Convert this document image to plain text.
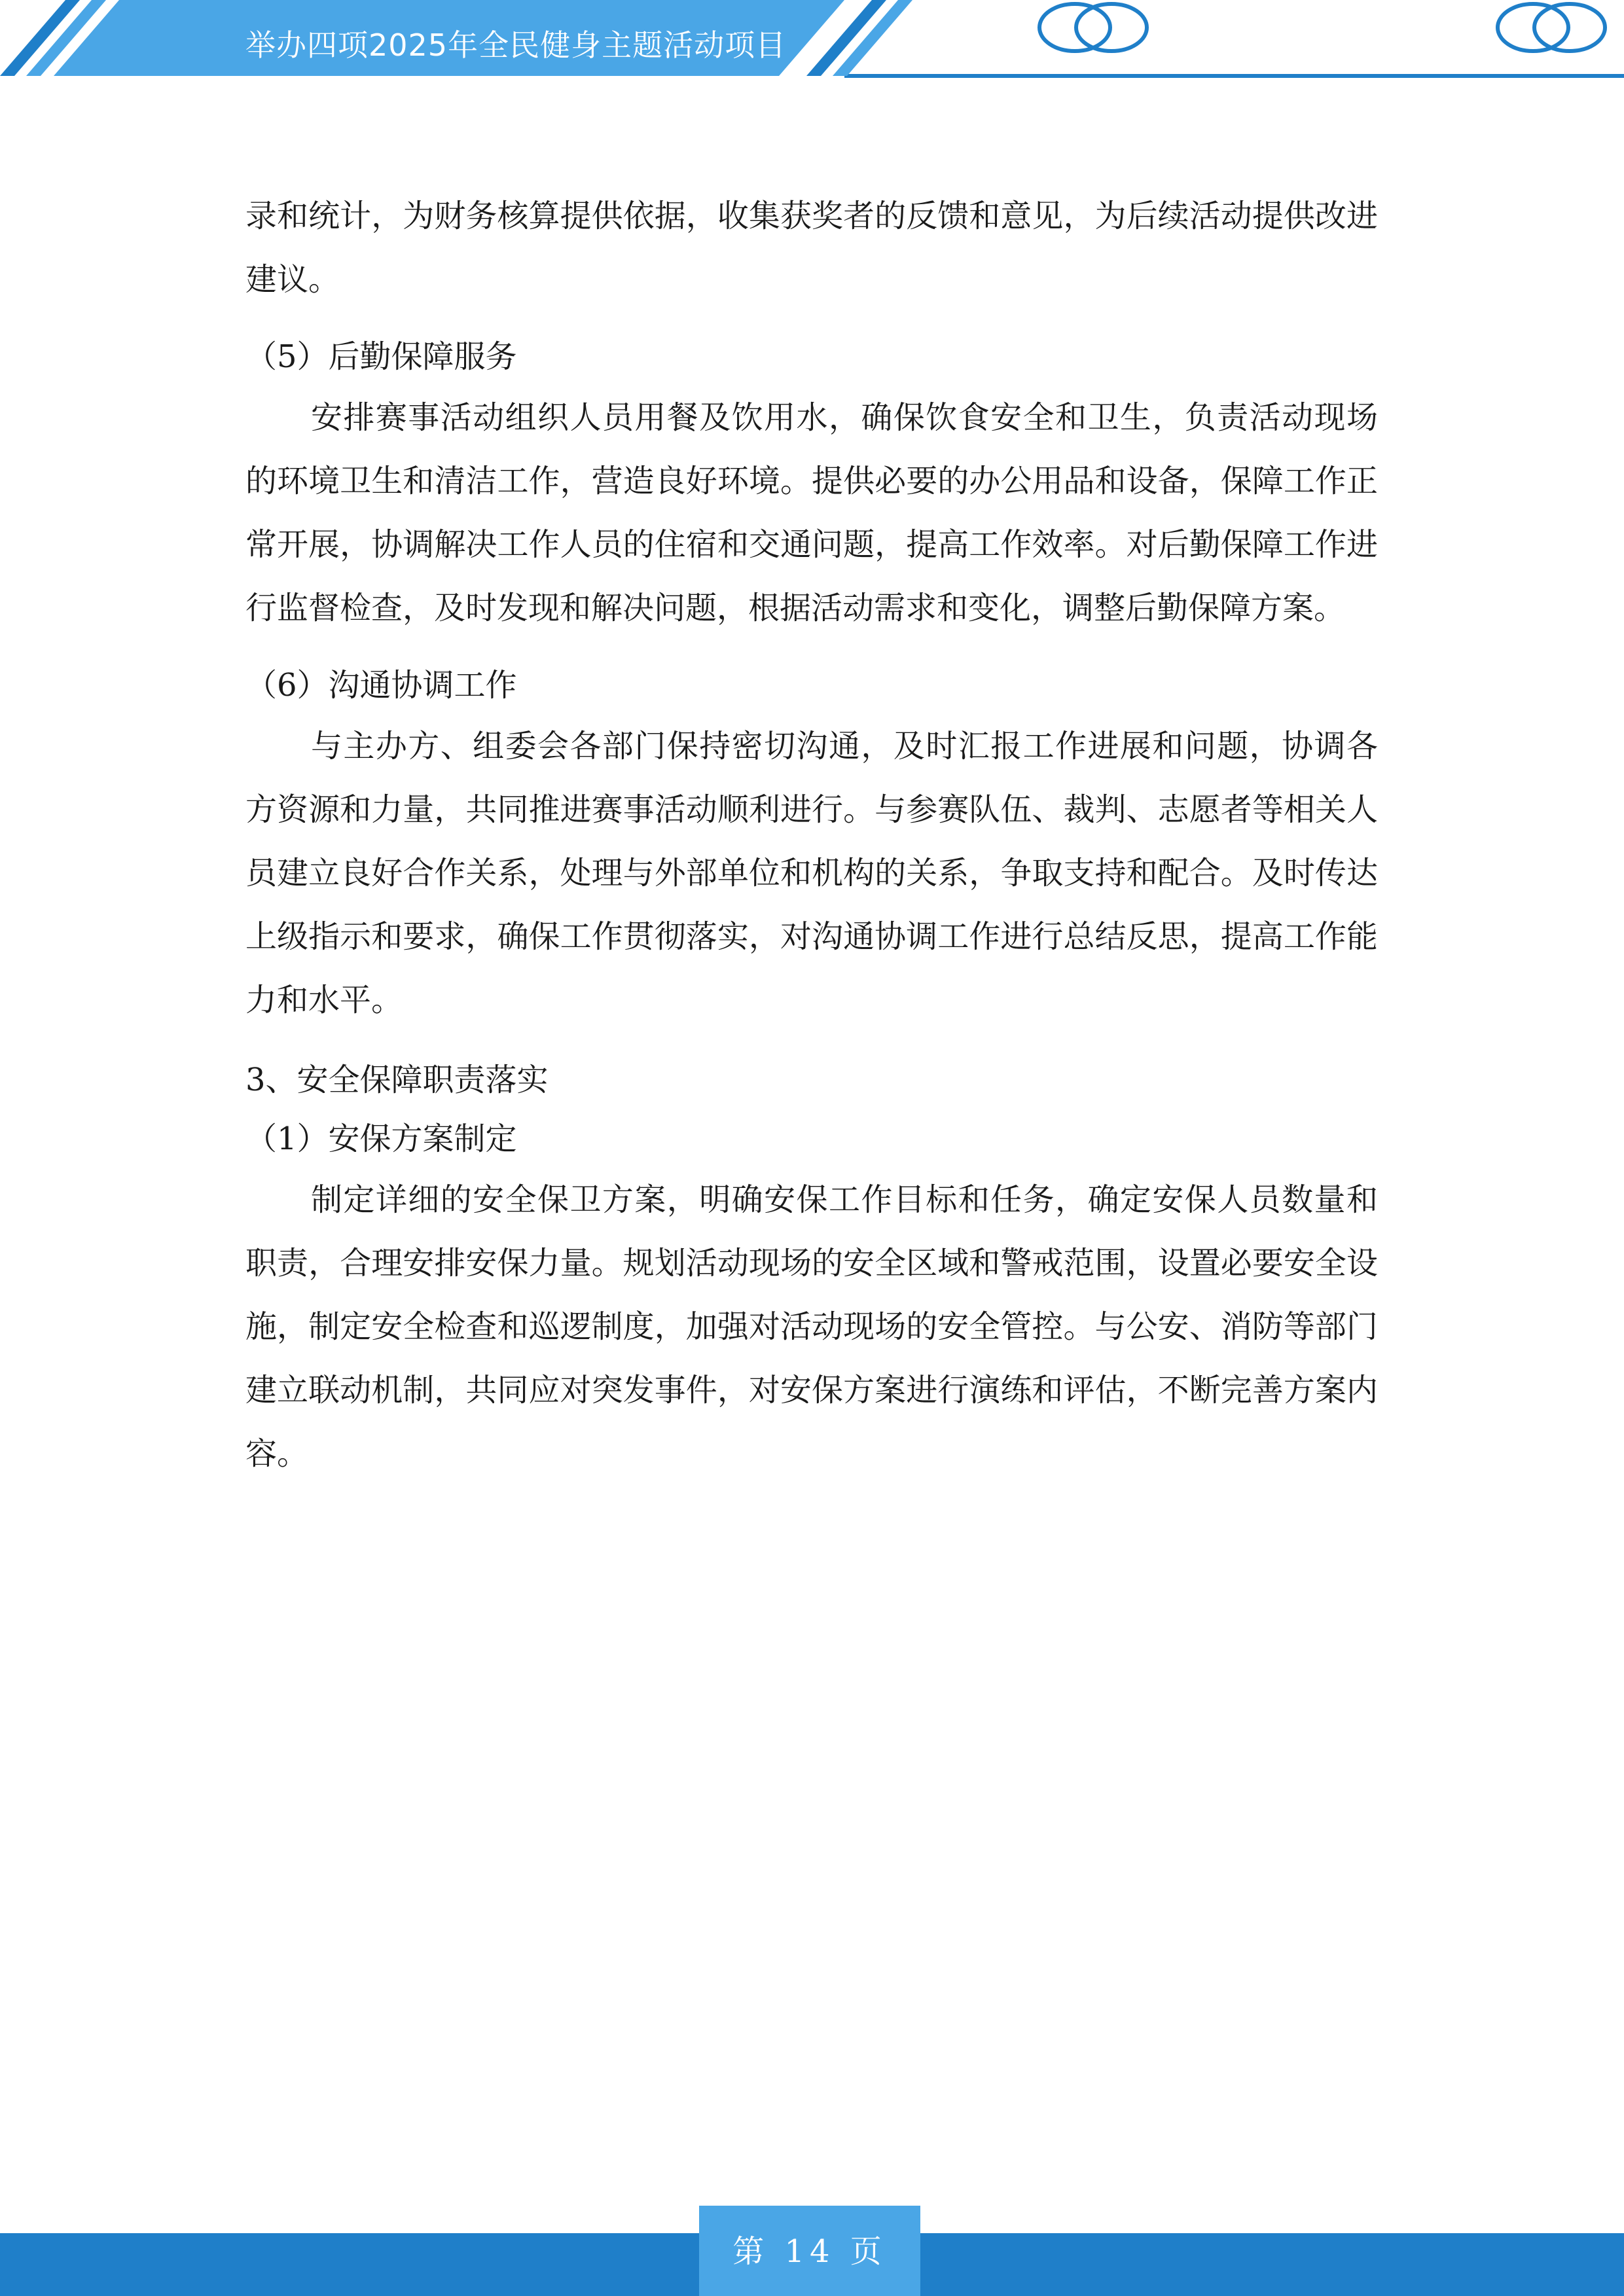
举办四项2025年全民健身主题活动项目

录和统计，为财务核算提供依据，收集获奖者的反馈和意见，为后续活动提供改进建议。

（5）后勤保障服务

安排赛事活动组织人员用餐及饮用水，确保饮食安全和卫生，负责活动现场的环境卫生和清洁工作，营造良好环境。提供必要的办公用品和设备，保障工作正常开展，协调解决工作人员的住宿和交通问题，提高工作效率。对后勤保障工作进行监督检查，及时发现和解决问题，根据活动需求和变化，调整后勤保障方案。

（6）沟通协调工作

与主办方、组委会各部门保持密切沟通，及时汇报工作进展和问题，协调各方资源和力量，共同推进赛事活动顺利进行。与参赛队伍、裁判、志愿者等相关人员建立良好合作关系，处理与外部单位和机构的关系，争取支持和配合。及时传达上级指示和要求，确保工作贯彻落实，对沟通协调工作进行总结反思，提高工作能力和水平。

3、安全保障职责落实

（1）安保方案制定

制定详细的安全保卫方案，明确安保工作目标和任务，确定安保人员数量和职责，合理安排安保力量。规划活动现场的安全区域和警戒范围，设置必要安全设施，制定安全检查和巡逻制度，加强对活动现场的安全管控。与公安、消防等部门建立联动机制，共同应对突发事件，对安保方案进行演练和评估，不断完善方案内容。

第 14 页
